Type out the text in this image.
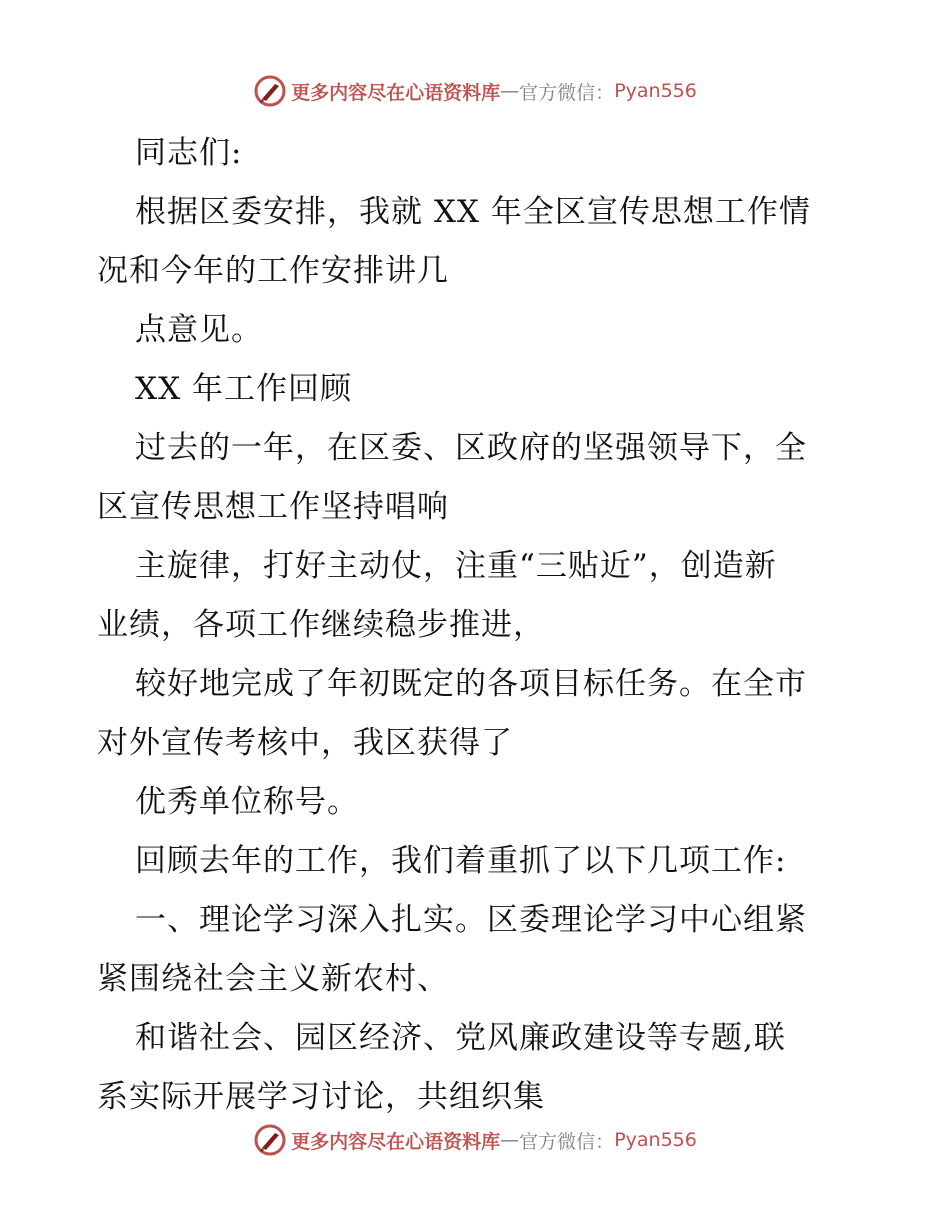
更多内容尽在心语资料库 — 官方微信： Pyan556
同志们:
根据区委安排，我就 XX 年全区宣传思想工作情
况和今年的工作安排讲几
点意见。
XX 年工作回顾
过去的一年，在区委、区政府的坚强领导下，全
区宣传思想工作坚持唱响
主旋律，打好主动仗，注重“三贴近”，创造新
业绩，各项工作继续稳步推进，
较好地完成了年初既定的各项目标任务。在全市
对外宣传考核中，我区获得了
优秀单位称号。
回顾去年的工作，我们着重抓了以下几项工作:
一、理论学习深入扎实。区委理论学习中心组紧
紧围绕社会主义新农村、
和谐社会、园区经济、党风廉政建设等专题,联
系实际开展学习讨论，共组织集
更多内容尽在心语资料库 — 官方微信： Pyan556
